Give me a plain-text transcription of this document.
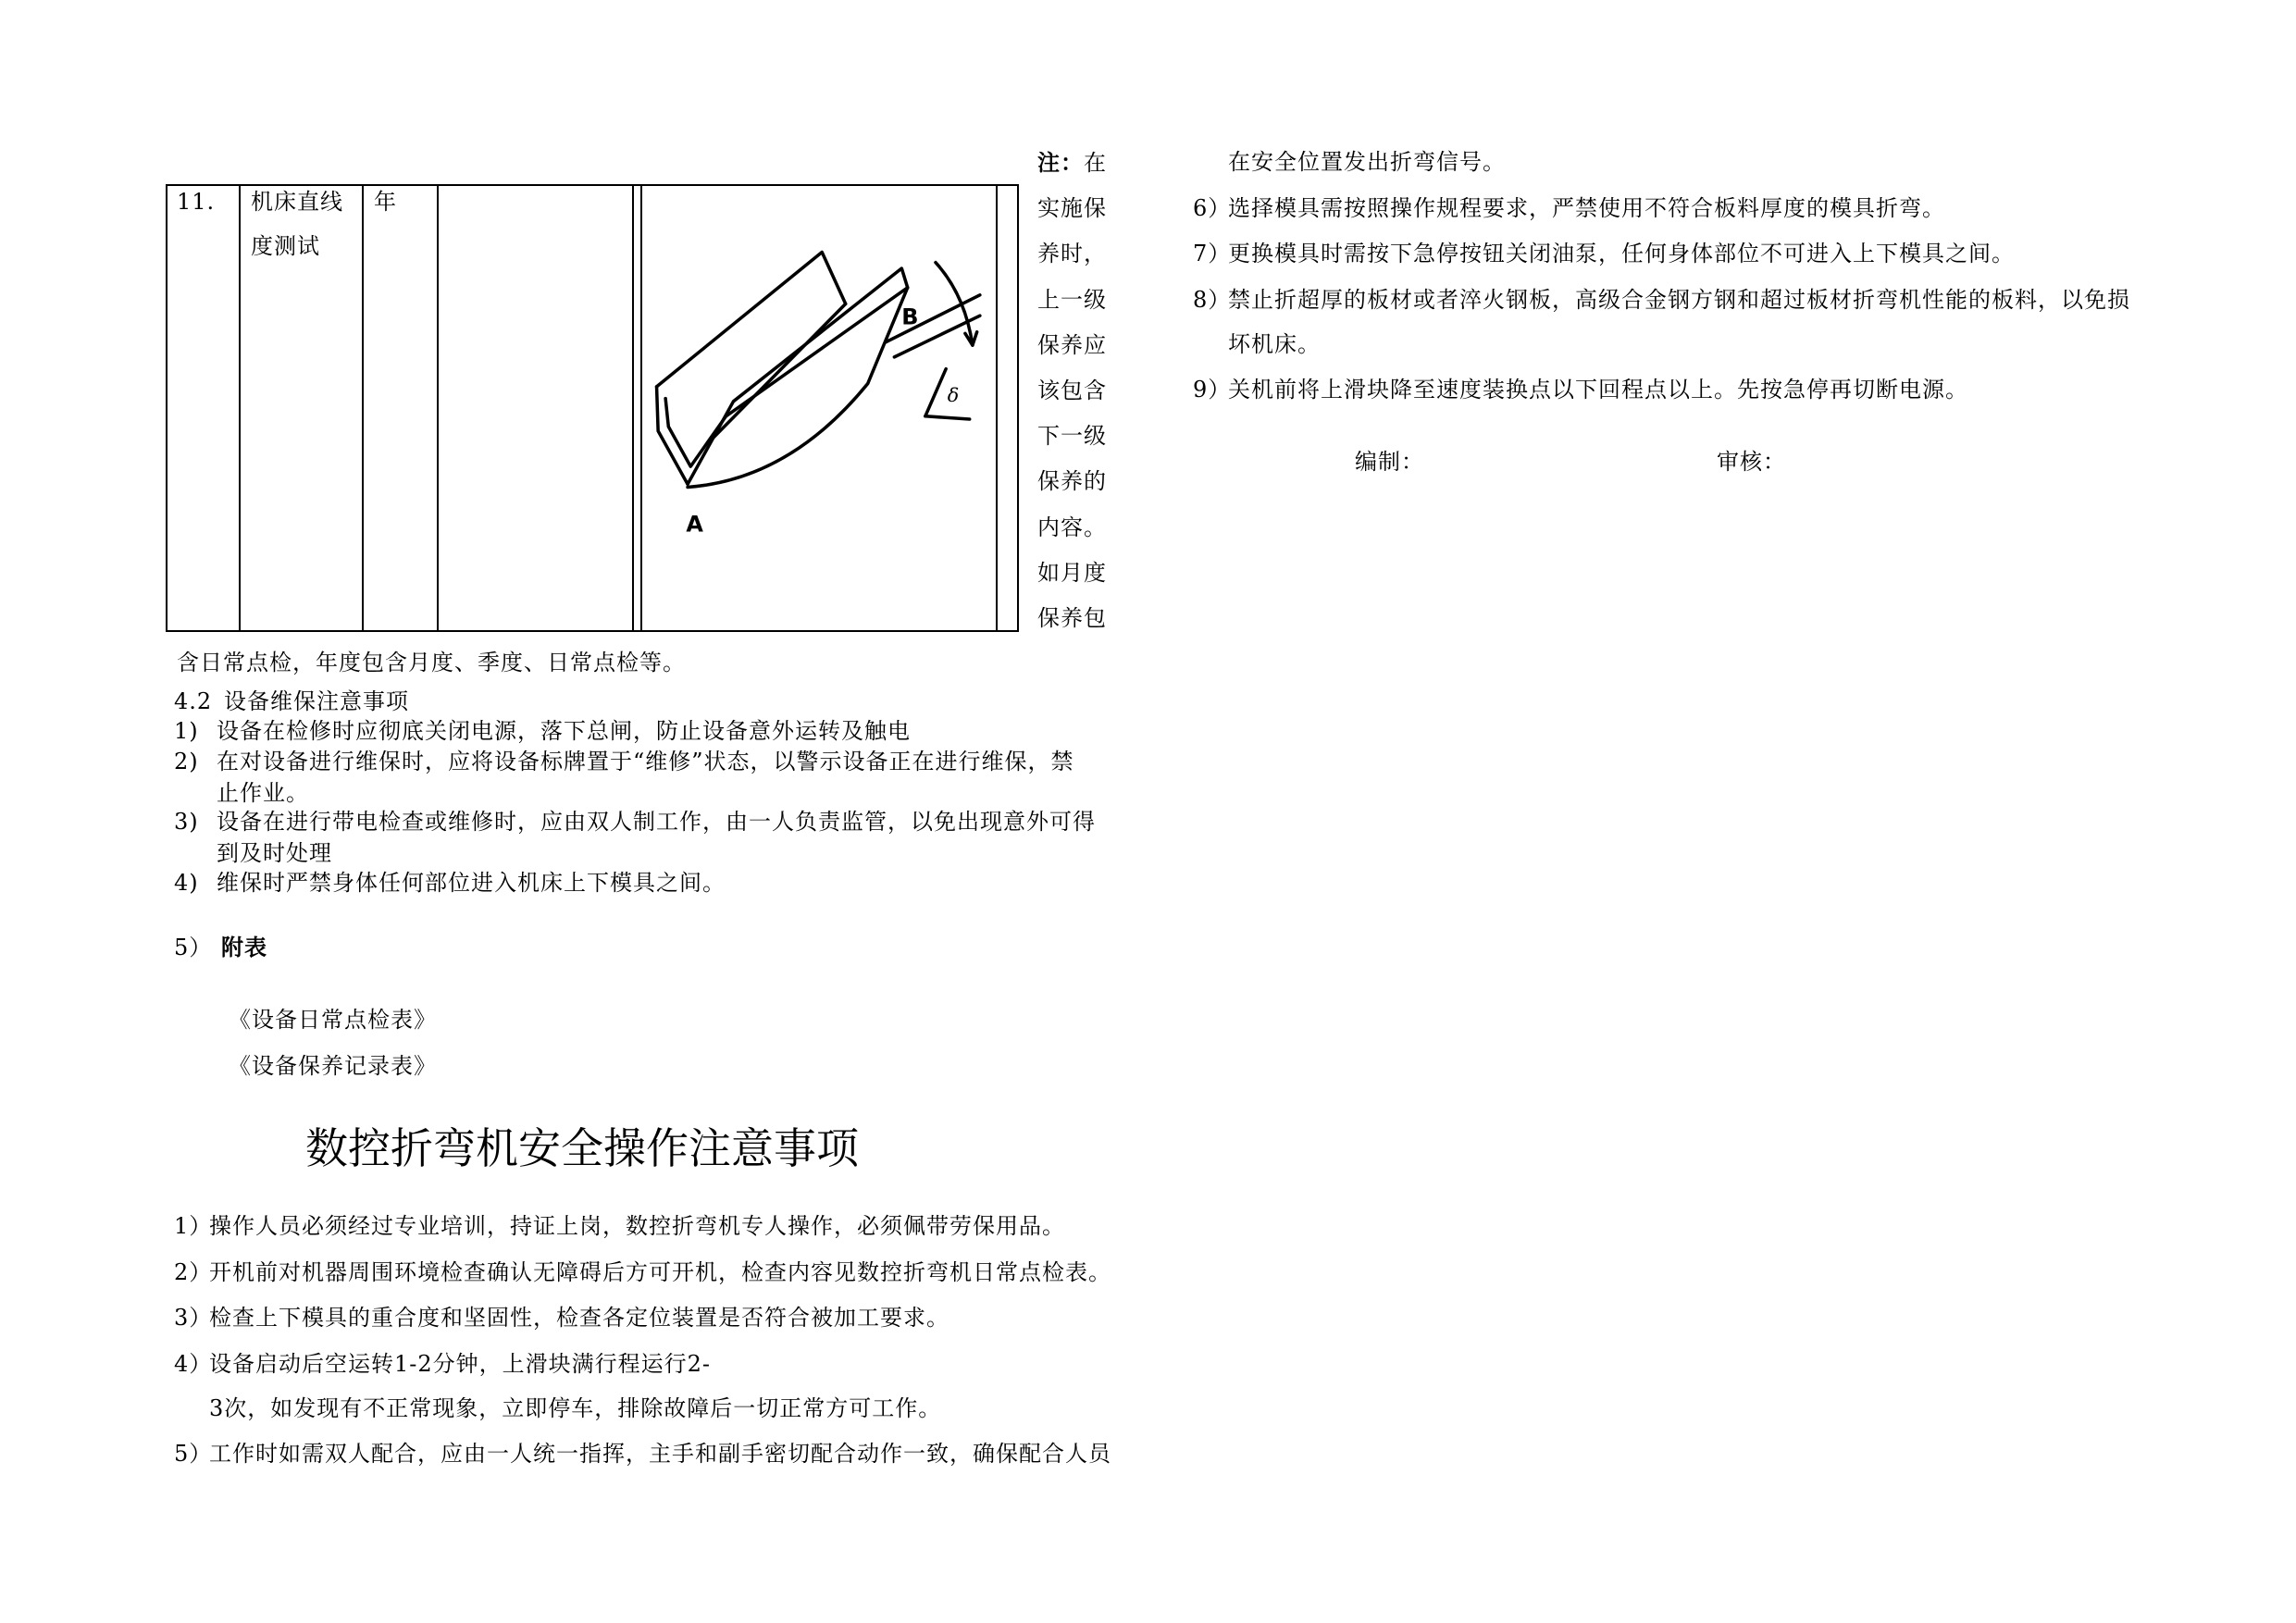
11. 机床直线
度测试
年
A
B
δ
注：在
实施保
养时，
上一级
保养应
该包含
下一级
保养的
内容。
如月度
保养包
含日常点检，年度包含月度、季度、日常点检等。
4.2 设备维保注意事项
1) 设备在检修时应彻底关闭电源，落下总闸，防止设备意外运转及触电
2) 在对设备进行维保时，应将设备标牌置于“维修”状态，以警示设备正在进行维保，禁
止作业。
3) 设备在进行带电检查或维修时，应由双人制工作，由一人负责监管，以免出现意外可得
到及时处理
4) 维保时严禁身体任何部位进入机床上下模具之间。
5） 附表
《设备日常点检表》
《设备保养记录表》
数控折弯机安全操作注意事项
1）操作人员必须经过专业培训，持证上岗，数控折弯机专人操作，必须佩带劳保用品。
2）开机前对机器周围环境检查确认无障碍后方可开机，检查内容见数控折弯机日常点检表。
3）检查上下模具的重合度和坚固性，检查各定位装置是否符合被加工要求。
4）设备启动后空运转1-2分钟，上滑块满行程运行2-
3次，如发现有不正常现象，立即停车，排除故障后一切正常方可工作。
5）工作时如需双人配合，应由一人统一指挥，主手和副手密切配合动作一致，确保配合人员
在安全位置发出折弯信号。
6）选择模具需按照操作规程要求，严禁使用不符合板料厚度的模具折弯。
7）更换模具时需按下急停按钮关闭油泵，任何身体部位不可进入上下模具之间。
8）禁止折超厚的板材或者淬火钢板，高级合金钢方钢和超过板材折弯机性能的板料，以免损
坏机床。
9）关机前将上滑块降至速度装换点以下回程点以上。先按急停再切断电源。
编制：	审核：
